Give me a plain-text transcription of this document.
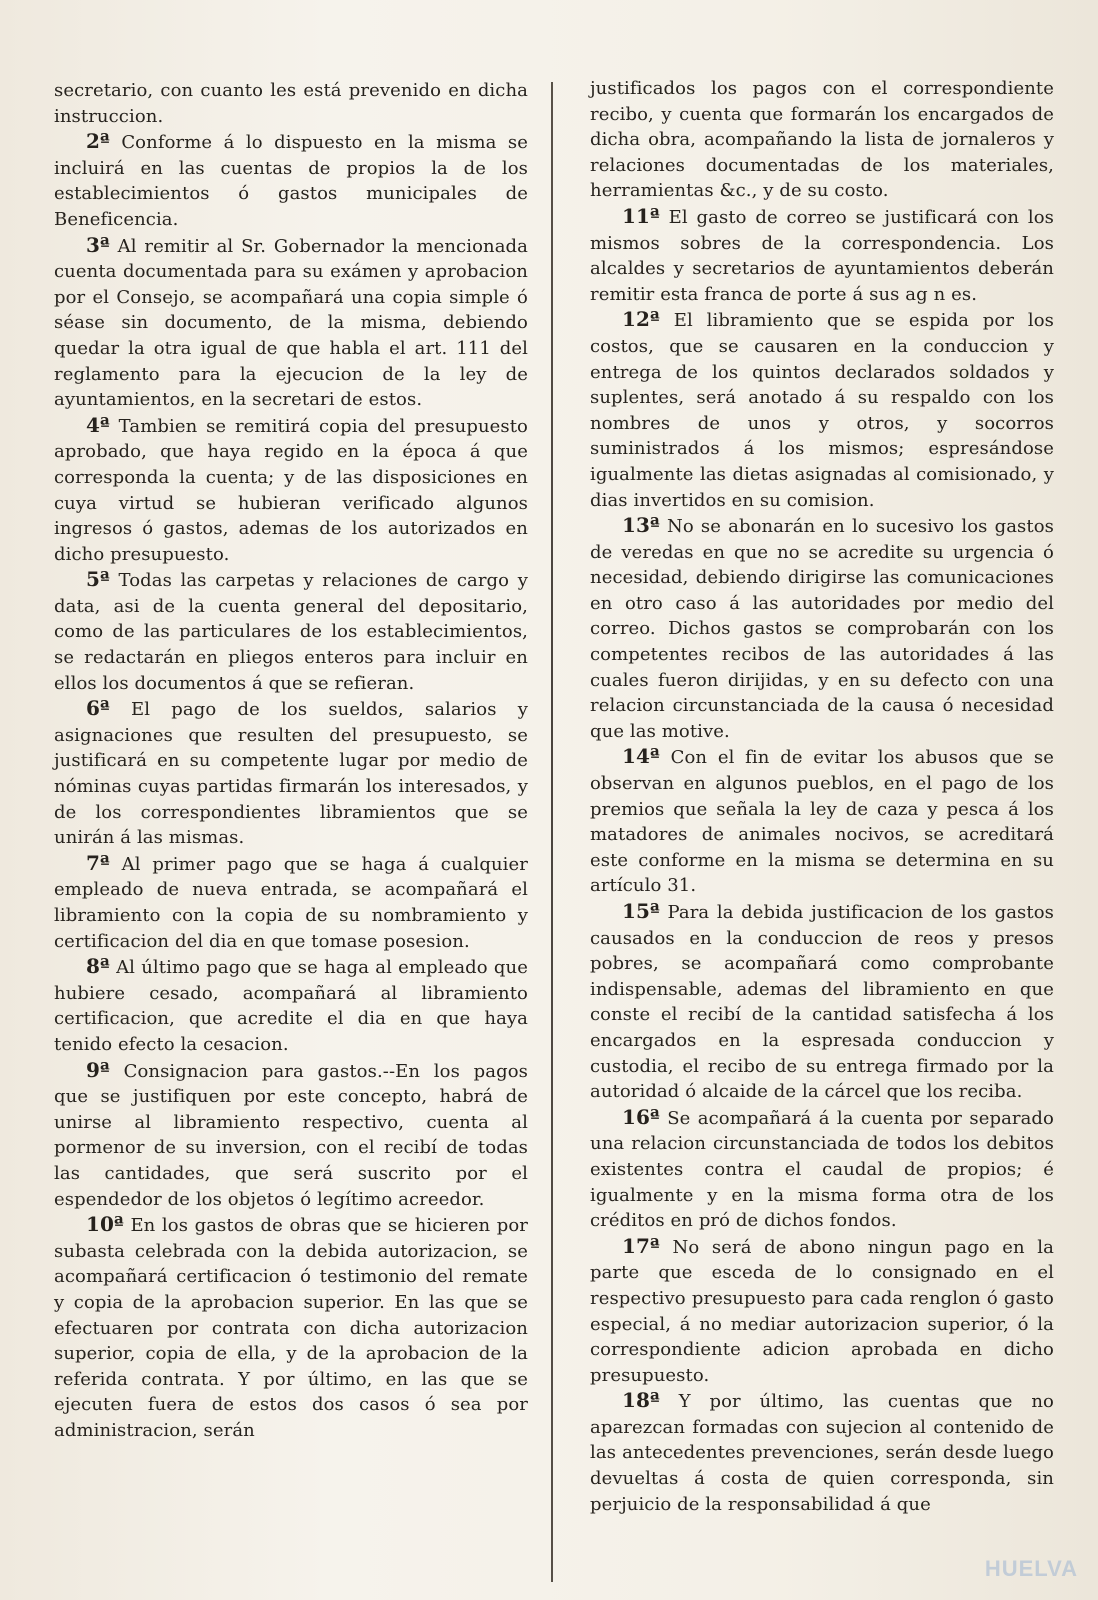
secretario, con cuanto les está prevenido en dicha instruccion.

2ª Conforme á lo dispuesto en la misma se incluirá en las cuentas de propios la de los establecimientos ó gastos municipales de Beneficencia.

3ª Al remitir al Sr. Gobernador la mencionada cuenta documentada para su exámen y aprobacion por el Consejo, se acompañará una copia simple ó séase sin documento, de la misma, debiendo quedar la otra igual de que habla el art. 111 del reglamento para la ejecucion de la ley de ayuntamientos, en la secretari de estos.

4ª Tambien se remitirá copia del presupuesto aprobado, que haya regido en la época á que corresponda la cuenta; y de las disposiciones en cuya virtud se hubieran verificado algunos ingresos ó gastos, ademas de los autorizados en dicho presupuesto.

5ª Todas las carpetas y relaciones de cargo y data, asi de la cuenta general del depositario, como de las particulares de los establecimientos, se redactarán en pliegos enteros para incluir en ellos los documentos á que se refieran.

6ª El pago de los sueldos, salarios y asignaciones que resulten del presupuesto, se justificará en su competente lugar por medio de nóminas cuyas partidas firmarán los interesados, y de los correspondientes libramientos que se unirán á las mismas.

7ª Al primer pago que se haga á cualquier empleado de nueva entrada, se acompañará el libramiento con la copia de su nombramiento y certificacion del dia en que tomase posesion.

8ª Al último pago que se haga al empleado que hubiere cesado, acompañará al libramiento certificacion, que acredite el dia en que haya tenido efecto la cesacion.

9ª Consignacion para gastos.--En los pagos que se justifiquen por este concepto, habrá de unirse al libramiento respectivo, cuenta al pormenor de su inversion, con el recibí de todas las cantidades, que será suscrito por el espendedor de los objetos ó legítimo acreedor.

10ª En los gastos de obras que se hicieren por subasta celebrada con la debida autorizacion, se acompañará certificacion ó testimonio del remate y copia de la aprobacion superior. En las que se efectuaren por contrata con dicha autorizacion superior, copia de ella, y de la aprobacion de la referida contrata. Y por último, en las que se ejecuten fuera de estos dos casos ó sea por administracion, serán

justificados los pagos con el correspondiente recibo, y cuenta que formarán los encargados de dicha obra, acompañando la lista de jornaleros y relaciones documentadas de los materiales, herramientas &c., y de su costo.

11ª El gasto de correo se justificará con los mismos sobres de la correspondencia. Los alcaldes y secretarios de ayuntamientos deberán remitir esta franca de porte á sus ag n es.

12ª El libramiento que se espida por los costos, que se causaren en la conduccion y entrega de los quintos declarados soldados y suplentes, será anotado á su respaldo con los nombres de unos y otros, y socorros suministrados á los mismos; espresándose igualmente las dietas asignadas al comisionado, y dias invertidos en su comision.

13ª No se abonarán en lo sucesivo los gastos de veredas en que no se acredite su urgencia ó necesidad, debiendo dirigirse las comunicaciones en otro caso á las autoridades por medio del correo. Dichos gastos se comprobarán con los competentes recibos de las autoridades á las cuales fueron dirijidas, y en su defecto con una relacion circunstanciada de la causa ó necesidad que las motive.

14ª Con el fin de evitar los abusos que se observan en algunos pueblos, en el pago de los premios que señala la ley de caza y pesca á los matadores de animales nocivos, se acreditará este conforme en la misma se determina en su artículo 31.

15ª Para la debida justificacion de los gastos causados en la conduccion de reos y presos pobres, se acompañará como comprobante indispensable, ademas del libramiento en que conste el recibí de la cantidad satisfecha á los encargados en la espresada conduccion y custodia, el recibo de su entrega firmado por la autoridad ó alcaide de la cárcel que los reciba.

16ª Se acompañará á la cuenta por separado una relacion circunstanciada de todos los debitos existentes contra el caudal de propios; é igualmente y en la misma forma otra de los créditos en pró de dichos fondos.

17ª No será de abono ningun pago en la parte que esceda de lo consignado en el respectivo presupuesto para cada renglon ó gasto especial, á no mediar autorizacion superior, ó la correspondiente adicion aprobada en dicho presupuesto.

18ª Y por último, las cuentas que no aparezcan formadas con sujecion al contenido de las antecedentes prevenciones, serán desde luego devueltas á costa de quien corresponda, sin perjuicio de la responsabilidad á que

HUELVA
